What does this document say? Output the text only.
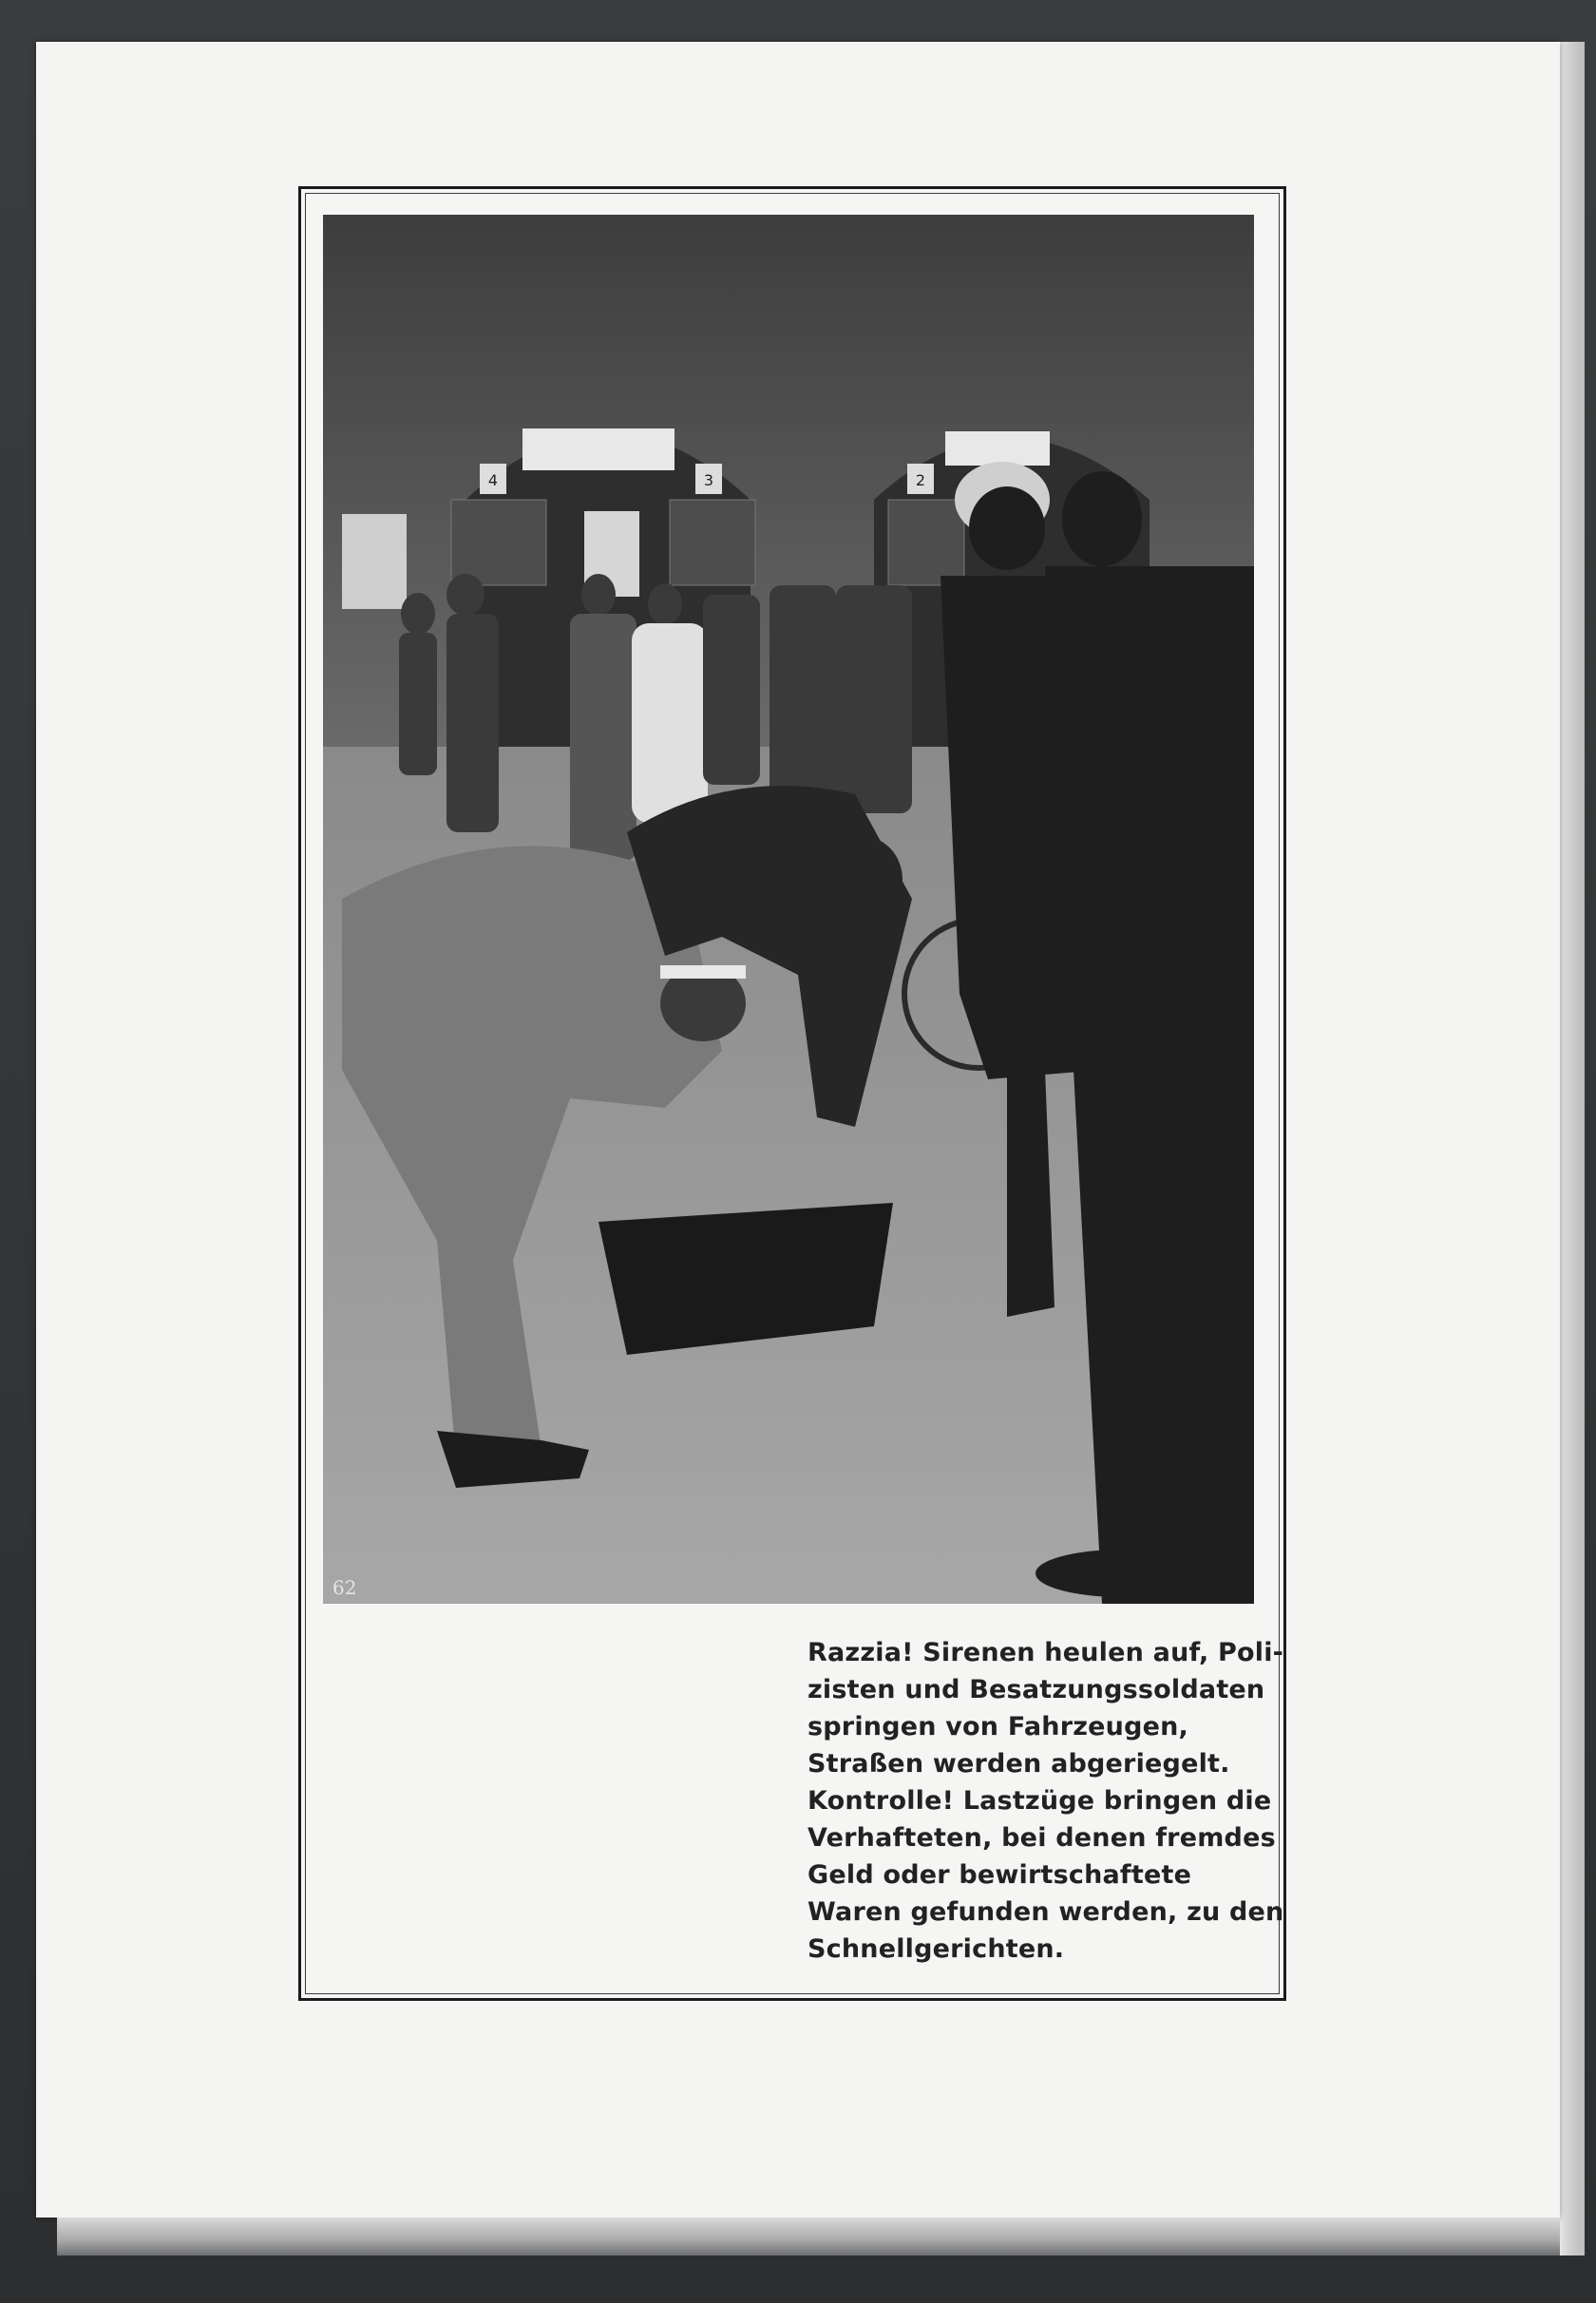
4	3	2
62
Razzia! Sirenen heulen auf, Poli-
zisten und Besatzungssoldaten
springen von Fahrzeugen,
Straßen werden abgeriegelt.
Kontrolle! Lastzüge bringen die
Verhafteten, bei denen fremdes
Geld oder bewirtschaftete
Waren gefunden werden, zu den
Schnellgerichten.
